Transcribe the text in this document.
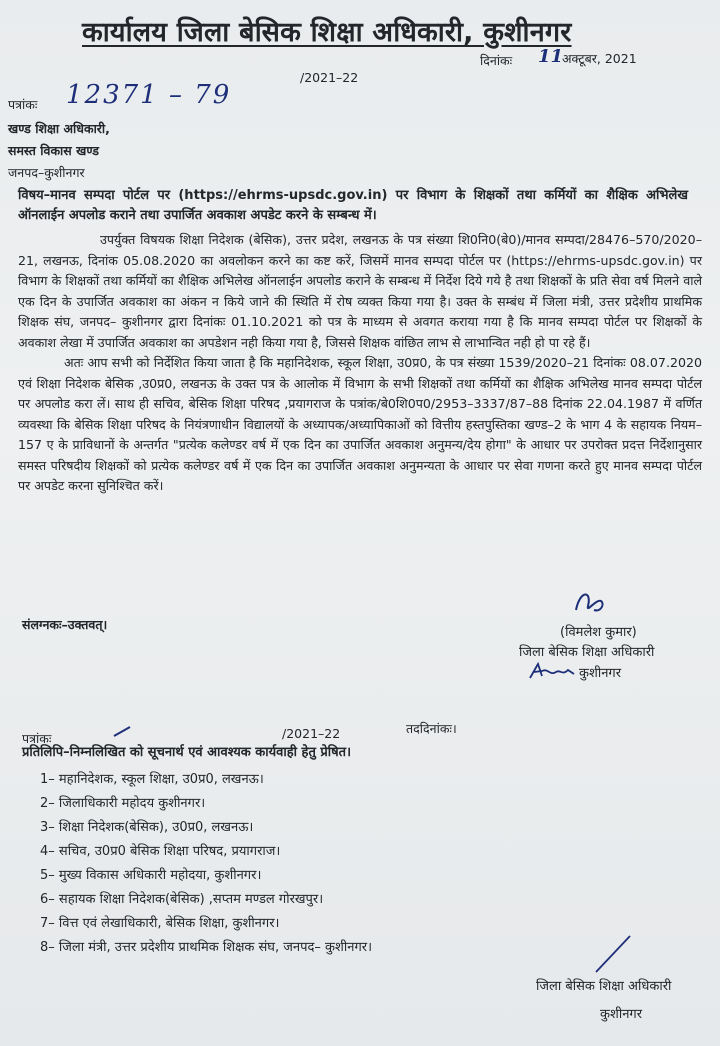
कार्यालय जिला बेसिक शिक्षा अधिकारी, कुशीनगर
/2021–22
दिनांकः 11
अक्टूबर, 2021
पत्रांकः 12371 – 79
खण्ड शिक्षा अधिकारी,
समस्त विकास खण्ड
जनपद–कुशीनगर

विषय–मानव सम्पदा पोर्टल पर (https://ehrms-upsdc.gov.in) पर विभाग के शिक्षकों तथा कर्मियों का शैक्षिक अभिलेख ऑनलाईन अपलोड कराने तथा उपार्जित अवकाश अपडेट करने के सम्बन्ध में।

उपर्युक्त विषयक शिक्षा निदेशक (बेसिक), उत्तर प्रदेश, लखनऊ के पत्र संख्या शि0नि0(बे0)/मानव सम्पदा/28476–570/2020–21, लखनऊ, दिनांक 05.08.2020 का अवलोकन करने का कष्ट करें, जिसमें मानव सम्पदा पोर्टल पर (https://ehrms-upsdc.gov.in) पर विभाग के शिक्षकों तथा कर्मियों का शैक्षिक अभिलेख ऑनलाईन अपलोड कराने के सम्बन्ध में निर्देश दिये गये है तथा शिक्षकों के प्रति सेवा वर्ष मिलने वाले एक दिन के उपार्जित अवकाश का अंकन न किये जाने की स्थिति में रोष व्यक्त किया गया है। उक्त के सम्बंध में जिला मंत्री, उत्तर प्रदेशीय प्राथमिक शिक्षक संघ, जनपद– कुशीनगर द्वारा दिनांकः 01.10.2021 को पत्र के माध्यम से अवगत कराया गया है कि मानव सम्पदा पोर्टल पर शिक्षकों के अवकाश लेखा में उपार्जित अवकाश का अपडेशन नही किया गया है, जिससे शिक्षक वांछित लाभ से लाभान्वित नही हो पा रहे हैं।

अतः आप सभी को निर्देशित किया जाता है कि महानिदेशक, स्कूल शिक्षा, उ0प्र0, के पत्र संख्या 1539/2020–21 दिनांकः 08.07.2020 एवं शिक्षा निदेशक बेसिक ,उ0प्र0, लखनऊ के उक्त पत्र के आलोक में विभाग के सभी शिक्षकों तथा कर्मियों का शैक्षिक अभिलेख मानव सम्पदा पोर्टल पर अपलोड करा लें। साथ ही सचिव, बेसिक शिक्षा परिषद ,प्रयागराज के पत्रांक/बे0शि0प0/2953–3337/87–88 दिनांक 22.04.1987 में वर्णित व्यवस्था कि बेसिक शिक्षा परिषद के नियंत्रणाधीन विद्यालयों के अध्यापक/अध्यापिकाओं को वित्तीय हस्तपुस्तिका खण्ड–2 के भाग 4 के सहायक नियम–157 ए के प्राविधानों के अन्तर्गत "प्रत्येक कलेण्डर वर्ष में एक दिन का उपार्जित अवकाश अनुमन्य/देय होगा" के आधार पर उपरोक्त प्रदत्त निर्देशानुसार समस्त परिषदीय शिक्षकों को प्रत्येक कलेण्डर वर्ष में एक दिन का उपार्जित अवकाश अनुमन्यता के आधार पर सेवा गणना करते हुए मानव सम्पदा पोर्टल पर अपडेट करना सुनिश्चित करें।

संलग्नकः–उक्तवत्।
(विमलेश कुमार)
जिला बेसिक शिक्षा अधिकारी
कुशीनगर
पत्रांकः	/2021–22	तददिनांकः।
प्रतिलिपि–निम्नलिखित को सूचनार्थ एवं आवश्यक कार्यवाही हेतु प्रेषित।
1– महानिदेशक, स्कूल शिक्षा, उ0प्र0, लखनऊ।
2– जिलाधिकारी महोदय कुशीनगर।
3– शिक्षा निदेशक(बेसिक), उ0प्र0, लखनऊ।
4– सचिव, उ0प्र0 बेसिक शिक्षा परिषद, प्रयागराज।
5– मुख्य विकास अधिकारी महोदया, कुशीनगर।
6– सहायक शिक्षा निदेशक(बेसिक) ,सप्तम मण्डल गोरखपुर।
7– वित्त एवं लेखाधिकारी, बेसिक शिक्षा, कुशीनगर।
8– जिला मंत्री, उत्तर प्रदेशीय प्राथमिक शिक्षक संघ, जनपद– कुशीनगर।
जिला बेसिक शिक्षा अधिकारी
कुशीनगर
